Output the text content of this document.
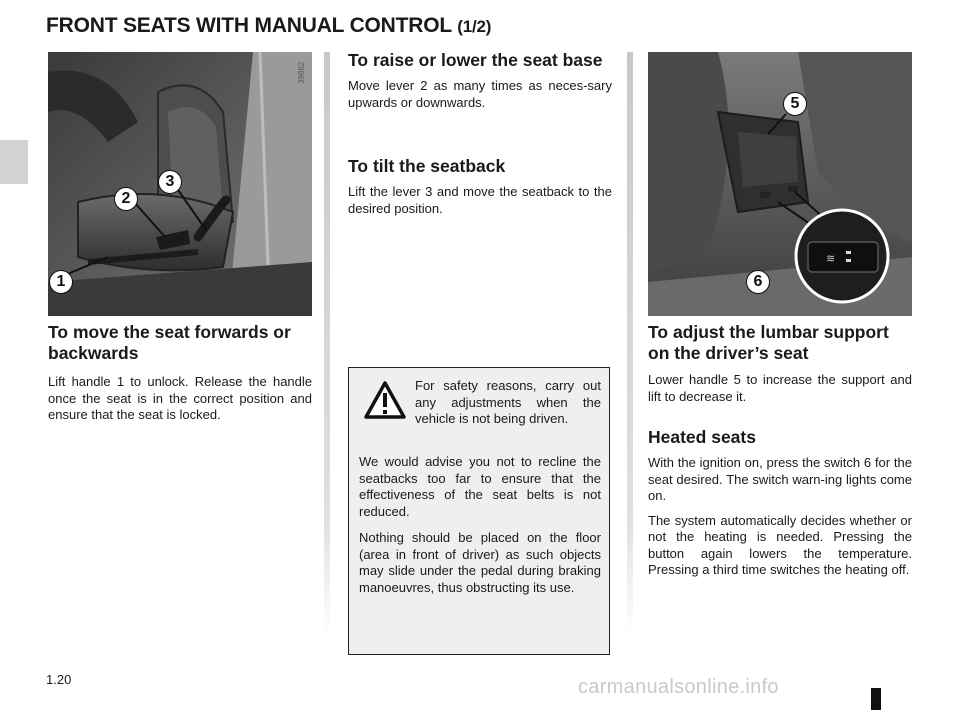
FRONT SEATS WITH MANUAL CONTROL (1/2)
39882
1
2
3
≋
39969
5
6
To move the seat forwards or backwards

Lift handle 1 to unlock. Release the handle once the seat is in the correct position and ensure that the seat is locked.

To raise or lower the seat base

Move lever 2 as many times as neces-sary upwards or downwards.

To tilt the seatback

Lift the lever 3 and move the seatback to the desired position.

For safety reasons, carry out any adjustments when the vehicle is not being driven.

We would advise you not to recline the seatbacks too far to ensure that the effectiveness of the seat belts is not reduced.

Nothing should be placed on the floor (area in front of driver) as such objects may slide under the pedal during braking manoeuvres, thus obstructing its use.

To adjust the lumbar support on the driver’s seat

Lower handle 5 to increase the support and lift to decrease it.

Heated seats

With the ignition on, press the switch 6 for the seat desired. The switch warn-ing lights come on.

The system automatically decides whether or not the heating is needed. Pressing the button again lowers the temperature. Pressing a third time switches the heating off.

1.20	carmanualsonline.info
